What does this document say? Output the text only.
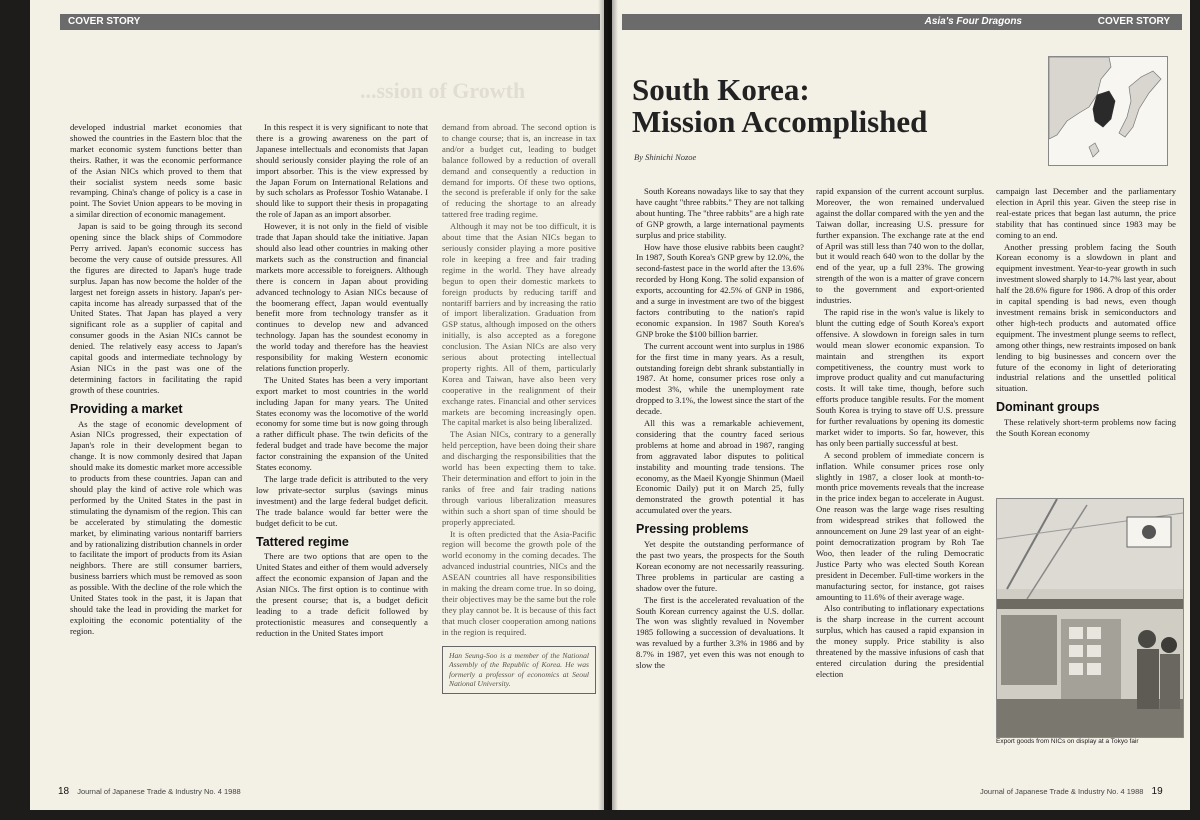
COVER STORY
...ssion of Growth

developed industrial market economies that showed the countries in the Eastern bloc that the market economic system functions better than theirs. Rather, it was the economic performance of the Asian NICs which proved to them that their socialist system needs some basic revamping. China's change of policy is a case in point. The Soviet Union appears to be moving in a similar direction of economic management.

Japan is said to be going through its second opening since the black ships of Commodore Perry arrived. Japan's economic success has become the very cause of outside pressures. All the figures are directed to Japan's huge trade surplus. Japan has now become the holder of the largest net foreign assets in history. Japan's per-capita income has already surpassed that of the United States. That Japan has played a very significant role as a supplier of capital and consumer goods in the Asian NICs cannot be denied. The relatively easy access to Japan's capital goods and intermediate technology by Asian NICs in the past was one of the determining factors in facilitating the rapid growth of these countries.

Providing a market

As the stage of economic development of Asian NICs progressed, their expectation of Japan's role in their development began to change. It is now commonly desired that Japan should make its domestic market more accessible to products from these countries. Japan can and should play the kind of active role which was performed by the United States in the past in stimulating the dynamism of the region. This can be accelerated by stimulating the domestic market, by eliminating various nontariff barriers and by rationalizing distribution channels in order to facilitate the import of products from its Asian neighbors. There are still consumer barriers, business barriers which must be removed as soon as possible. With the decline of the role which the United States took in the past, it is Japan that should take the lead in providing the market for exploiting the economic potentiality of the region.

In this respect it is very significant to note that there is a growing awareness on the part of Japanese intellectuals and economists that Japan should seriously consider playing the role of an import absorber. This is the view expressed by the Japan Forum on International Relations and by such scholars as Professor Toshio Watanabe. I should like to support their thesis in propagating the role of Japan as an import absorber.

However, it is not only in the field of visible trade that Japan should take the initiative. Japan should also lead other countries in making other markets such as the construction and financial markets more accessible to foreigners. Although there is concern in Japan about providing advanced technology to Asian NICs because of the boomerang effect, Japan would eventually benefit more from technology transfer as it continues to develop new and advanced technology. Japan has the soundest economy in the world today and therefore has the heaviest responsibility for making Western economic relations function properly.

The United States has been a very important export market to most countries in the world including Japan for many years. The United States economy was the locomotive of the world economy for some time but is now going through a rather difficult phase. The twin deficits of the federal budget and trade have become the major factor constraining the expansion of the United States economy.

The large trade deficit is attributed to the very low private-sector surplus (savings minus investment) and the large federal budget deficit. The trade balance would far better were the budget deficit to be cut.

Tattered regime

There are two options that are open to the United States and either of them would adversely affect the economic expansion of Japan and the Asian NICs. The first option is to continue with the present course; that is, a budget deficit leading to a trade deficit followed by protectionistic measures and consequently a reduction in the United States import

demand from abroad. The second option is to change course; that is, an increase in tax and/or a budget cut, leading to budget balance followed by a reduction of overall demand and consequently a reduction in demand for imports. Of these two options, the second is preferable if only for the sake of reducing the shortage to an already tattered free trading regime.

Although it may not be too difficult, it is about time that the Asian NICs began to seriously consider playing a more positive role in keeping a free and fair trading regime in the world. They have already begun to open their domestic markets to foreign products by reducing tariff and nontariff barriers and by increasing the ratio of import liberalization. Graduation from GSP status, although imposed on the others initially, is also accepted as a foregone conclusion. The Asian NICs are also very serious about protecting intellectual property rights. All of them, particularly Korea and Taiwan, have also been very cooperative in the realignment of their exchange rates. Financial and other services markets are becoming increasingly open. The capital market is also being liberalized.

The Asian NICs, contrary to a generally held perception, have been doing their share and discharging the responsibilities that the world has been expecting them to take. Their determination and effort to join in the ranks of free and fair trading nations through various liberalization measures within such a short span of time should be properly appreciated.

It is often predicted that the Asia-Pacific region will become the growth pole of the world economy in the coming decades. The advanced industrial countries, NICs and the ASEAN countries all have responsibilities in making the dream come true. In so doing, their objectives may be the same but the role they play cannot be. It is because of this fact that much closer cooperation among nations in the region is required.

Han Seung-Soo is a member of the National Assembly of the Republic of Korea. He was formerly a professor of economics at Seoul National University.
18 Journal of Japanese Trade & Industry No. 4 1988
Asia's Four Dragons	COVER STORY
South Korea:
Mission Accomplished
By Shinichi Nozoe

South Koreans nowadays like to say that they have caught "three rabbits." They are not talking about hunting. The "three rabbits" are a high rate of GNP growth, a large international payments surplus and price stability.

How have those elusive rabbits been caught? In 1987, South Korea's GNP grew by 12.0%, the second-fastest pace in the world after the 13.6% recorded by Hong Kong. The solid expansion of exports, accounting for 42.5% of GNP in 1986, and a surge in investment are two of the biggest factors contributing to the nation's rapid economic expansion. In 1987 South Korea's GNP broke the $100 billion barrier.

The current account went into surplus in 1986 for the first time in many years. As a result, outstanding foreign debt shrank substantially in 1987. At home, consumer prices rose only a modest 3%, while the unemployment rate dropped to 3.1%, the lowest since the start of the decade.

All this was a remarkable achievement, considering that the country faced serious problems at home and abroad in 1987, ranging from aggravated labor disputes to political instability and mounting trade tensions. The economy, as the Maeil Kyongje Shinmun (Maeil Economic Daily) put it on March 25, fully demonstrated the growth potential it has accumulated over the years.

Pressing problems

Yet despite the outstanding performance of the past two years, the prospects for the South Korean economy are not necessarily reassuring. Three problems in particular are casting a shadow over the future.

The first is the accelerated revaluation of the South Korean currency against the U.S. dollar. The won was slightly revalued in November 1985 following a succession of devaluations. It was revalued by a further 3.3% in 1986 and by 8.7% in 1987, yet even this was not enough to slow the

rapid expansion of the current account surplus. Moreover, the won remained undervalued against the dollar compared with the yen and the Taiwan dollar, increasing U.S. pressure for further expansion. The exchange rate at the end of April was still less than 740 won to the dollar, but it would reach 640 won to the dollar by the end of the year, up a full 23%. The growing strength of the won is a matter of grave concern to the government and export-oriented industries.

The rapid rise in the won's value is likely to blunt the cutting edge of South Korea's export offensive. A slowdown in foreign sales in turn would mean slower economic expansion. To maintain and strengthen its export competitiveness, the country must work to improve product quality and cut manufacturing costs. It will take time, though, before such efforts produce tangible results. For the moment South Korea is trying to stave off U.S. pressure for further revaluations by opening its domestic market wider to imports. So far, however, this has only been partially successful at best.

A second problem of immediate concern is inflation. While consumer prices rose only slightly in 1987, a closer look at month-to-month price movements reveals that the increase in the price index began to accelerate in August. One reason was the large wage rises resulting from widespread strikes that followed the announcement on June 29 last year of an eight-point democratization program by Roh Tae Woo, then leader of the ruling Democratic Justice Party who was elected South Korean president in December. Full-time workers in the manufacturing sector, for instance, got raises amounting to 11.6% of their average wage.

Also contributing to inflationary expectations is the sharp increase in the current account surplus, which has caused a rapid expansion in the money supply. Price stability is also threatened by the massive infusions of cash that entered circulation during the presidential election

campaign last December and the parliamentary election in April this year. Given the steep rise in real-estate prices that began last autumn, the price stability that has continued since 1983 may be coming to an end.

Another pressing problem facing the South Korean economy is a slowdown in plant and equipment investment. Year-to-year growth in such investment slowed sharply to 14.7% last year, about half the 28.6% figure for 1986. A drop of this order in capital spending is bad news, even though investment remains brisk in semiconductors and other high-tech products and automated office equipment. The investment plunge seems to reflect, among other things, new restraints imposed on bank lending to big businesses and concern over the future of the economy in light of deteriorating industrial relations and the unsettled political situation.

Dominant groups

These relatively short-term problems now facing the South Korean economy

Export goods from NICs on display at a Tokyo fair
Journal of Japanese Trade & Industry No. 4 1988 19
